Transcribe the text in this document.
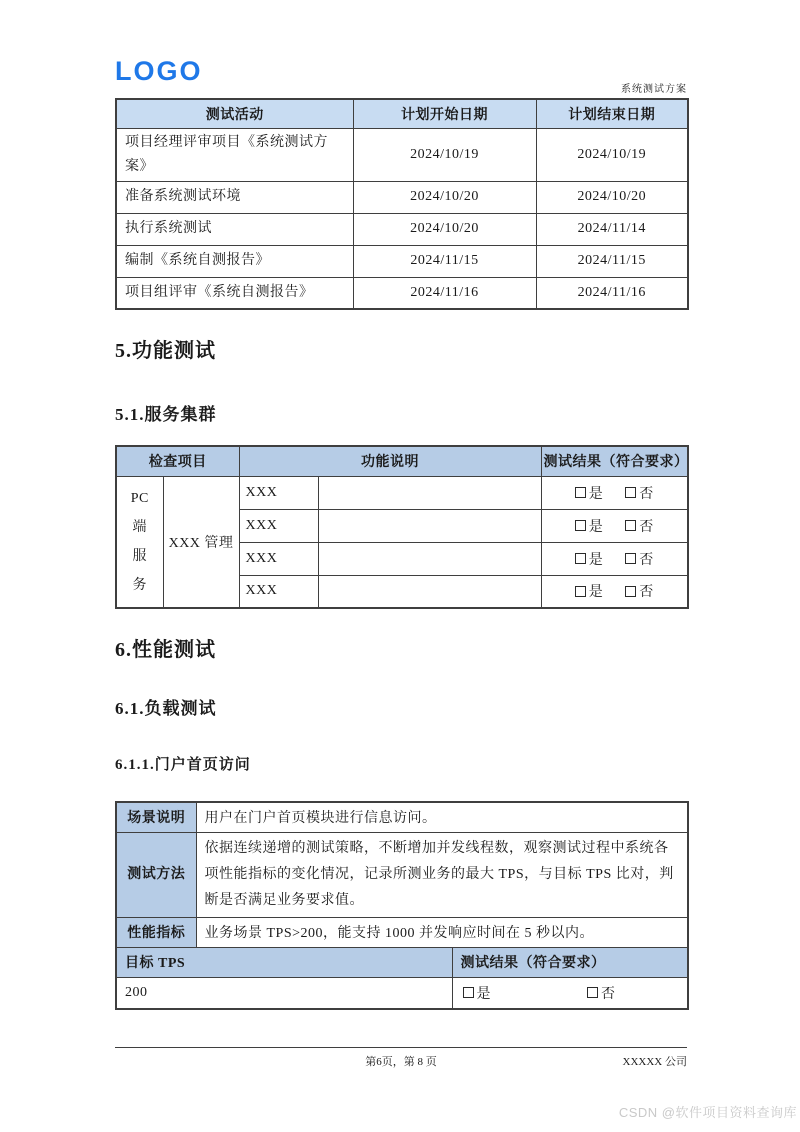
LOGO
系统测试方案
测试活动	计划开始日期	计划结束日期
项目经理评审项目《系统测试方案》	2024/10/19	2024/10/19
准备系统测试环境	2024/10/20	2024/10/20
执行系统测试	2024/10/20	2024/11/14
编制《系统自测报告》	2024/11/15	2024/11/15
项目组评审《系统自测报告》	2024/11/16	2024/11/16
5.功能测试
5.1.服务集群
检查项目		功能说明		测试结果（符合要求）
PC端服务	XXX 管理	XXX		是 否

		XXX		是 否

		XXX		是 否

		XXX		是 否
6.性能测试
6.1.负载测试
6.1.1.门户首页访问
场景说明	用户在门户首页模块进行信息访问。	
测试方法	依据连续递增的测试策略，不断增加并发线程数，观察测试过程中系统各项性能指标的变化情况，记录所测业务的最大 TPS，与目标 TPS 比对，判断是否满足业务要求值。	
性能指标	业务场景 TPS>200，能支持 1000 并发响应时间在 5 秒以内。	
目标 TPS		测试结果（符合要求）
200		是 否
第6页，第 8 页	XXXXX 公司
CSDN @软件项目资料查询库
